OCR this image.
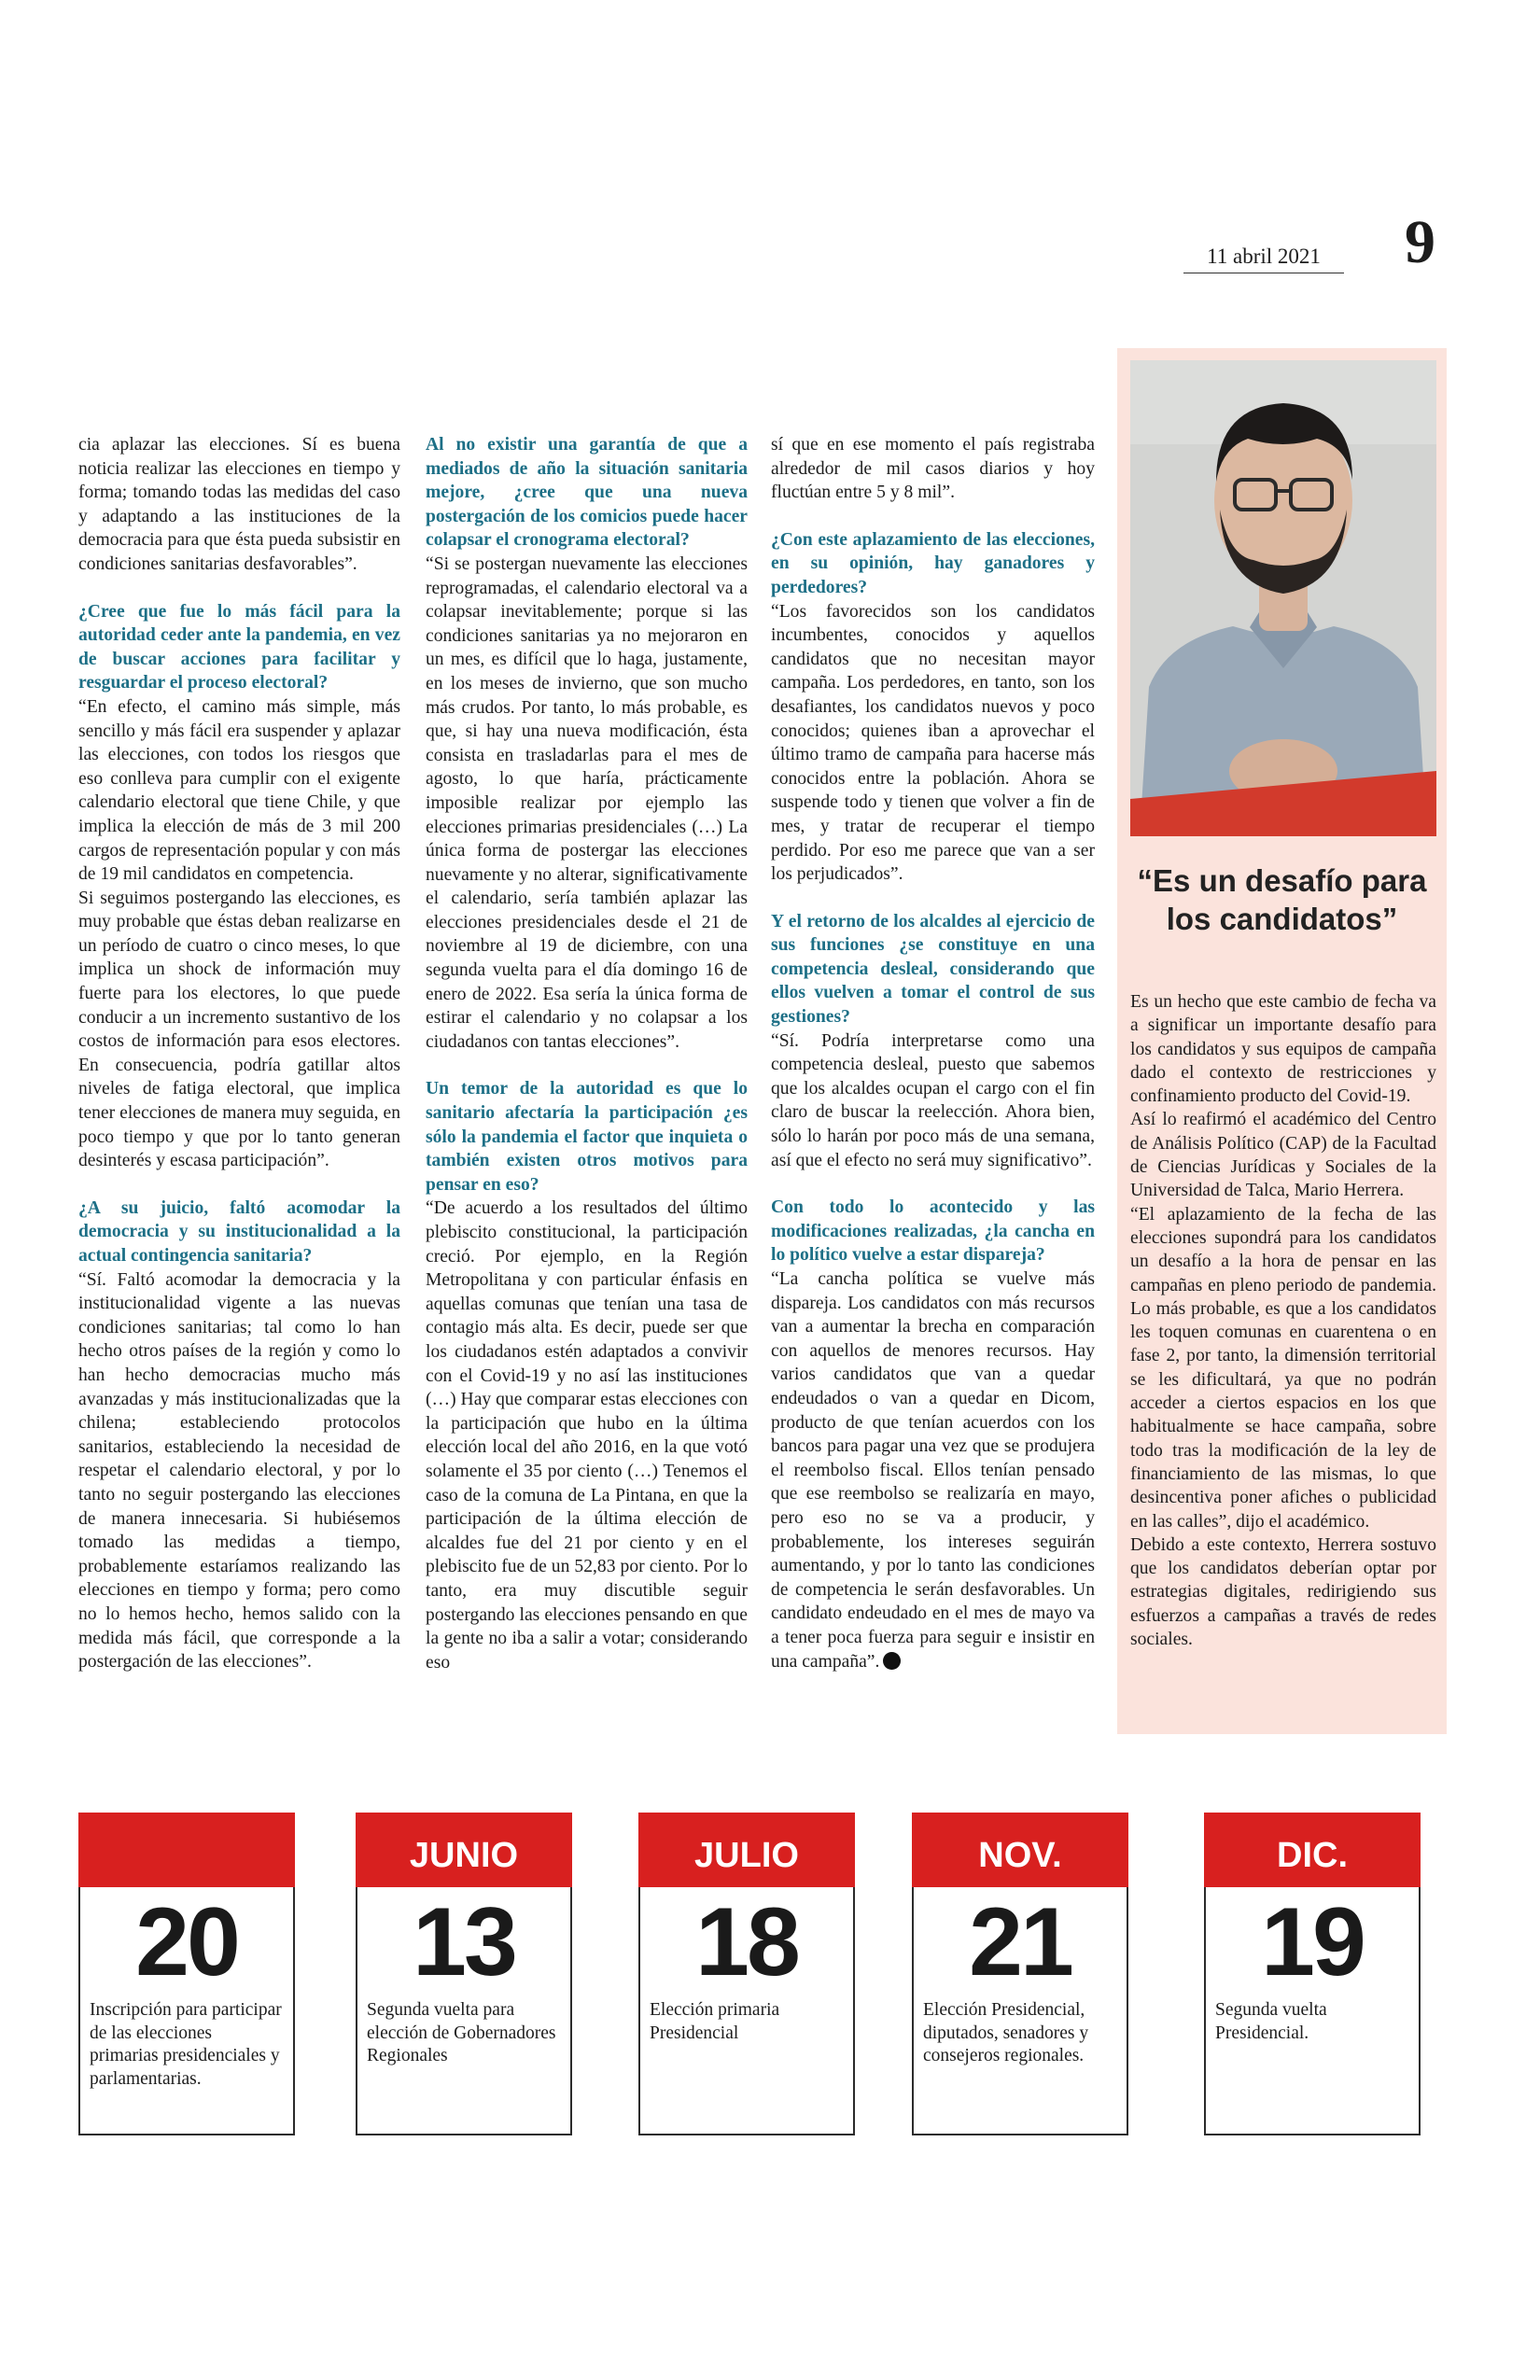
11 abril 2021	9

cia aplazar las elecciones. Sí es buena noticia realizar las elecciones en tiempo y forma; tomando todas las medidas del caso y adaptando a las instituciones de la democracia para que ésta pueda subsistir en condiciones sanitarias desfavorables”.

¿Cree que fue lo más fácil para la autoridad ceder ante la pandemia, en vez de buscar acciones para facilitar y resguardar el proceso electoral?

“En efecto, el camino más simple, más sencillo y más fácil era suspender y aplazar las elecciones, con todos los riesgos que eso conlleva para cumplir con el exigente calendario electoral que tiene Chile, y que implica la elección de más de 3 mil 200 cargos de representación popular y con más de 19 mil candidatos en competencia.

Si seguimos postergando las elecciones, es muy probable que éstas deban realizarse en un período de cuatro o cinco meses, lo que implica un shock de información muy fuerte para los electores, lo que puede conducir a un incremento sustantivo de los costos de información para esos electores. En consecuencia, podría gatillar altos niveles de fatiga electoral, que implica tener elecciones de manera muy seguida, en poco tiempo y que por lo tanto generan desinterés y escasa participación”.

¿A su juicio, faltó acomodar la democracia y su institucionalidad a la actual contingencia sanitaria?

“Sí. Faltó acomodar la democracia y la institucionalidad vigente a las nuevas condiciones sanitarias; tal como lo han hecho otros países de la región y como lo han hecho democracias mucho más avanzadas y más institucionalizadas que la chilena; estableciendo protocolos sanitarios, estableciendo la necesidad de respetar el calendario electoral, y por lo tanto no seguir postergando las elecciones de manera innecesaria. Si hubiésemos tomado las medidas a tiempo, probablemente estaríamos realizando las elecciones en tiempo y forma; pero como no lo hemos hecho, hemos salido con la medida más fácil, que corresponde a la postergación de las elecciones”.

Al no existir una garantía de que a mediados de año la situación sanitaria mejore, ¿cree que una nueva postergación de los comicios puede hacer colapsar el cronograma electoral?

“Si se postergan nuevamente las elecciones reprogramadas, el calendario electoral va a colapsar inevitablemente; porque si las condiciones sanitarias ya no mejoraron en un mes, es difícil que lo haga, justamente, en los meses de invierno, que son mucho más crudos. Por tanto, lo más probable, es que, si hay una nueva modificación, ésta consista en trasladarlas para el mes de agosto, lo que haría, prácticamente imposible realizar por ejemplo las elecciones primarias presidenciales (…) La única forma de postergar las elecciones nuevamente y no alterar, significativamente el calendario, sería también aplazar las elecciones presidenciales desde el 21 de noviembre al 19 de diciembre, con una segunda vuelta para el día domingo 16 de enero de 2022. Esa sería la única forma de estirar el calendario y no colapsar a los ciudadanos con tantas elecciones”.

Un temor de la autoridad es que lo sanitario afectaría la participación ¿es sólo la pandemia el factor que inquieta o también existen otros motivos para pensar en eso?

“De acuerdo a los resultados del último plebiscito constitucional, la participación creció. Por ejemplo, en la Región Metropolitana y con particular énfasis en aquellas comunas que tenían una tasa de contagio más alta. Es decir, puede ser que los ciudadanos estén adaptados a convivir con el Covid-19 y no así las instituciones (…) Hay que comparar estas elecciones con la participación que hubo en la última elección local del año 2016, en la que votó solamente el 35 por ciento (…) Tenemos el caso de la comuna de La Pintana, en que la participación de la última elección de alcaldes fue del 21 por ciento y en el plebiscito fue de un 52,83 por ciento. Por lo tanto, era muy discutible seguir postergando las elecciones pensando en que la gente no iba a salir a votar; considerando eso

sí que en ese momento el país registraba alrededor de mil casos diarios y hoy fluctúan entre 5 y 8 mil”.

¿Con este aplazamiento de las elecciones, en su opinión, hay ganadores y perdedores?

“Los favorecidos son los candidatos incumbentes, conocidos y aquellos candidatos que no necesitan mayor campaña. Los perdedores, en tanto, son los desafiantes, los candidatos nuevos y poco conocidos; quienes iban a aprovechar el último tramo de campaña para hacerse más conocidos entre la población. Ahora se suspende todo y tienen que volver a fin de mes, y tratar de recuperar el tiempo perdido. Por eso me parece que van a ser los perjudicados”.

Y el retorno de los alcaldes al ejercicio de sus funciones ¿se constituye en una competencia desleal, considerando que ellos vuelven a tomar el control de sus gestiones?

“Sí. Podría interpretarse como una competencia desleal, puesto que sabemos que los alcaldes ocupan el cargo con el fin claro de buscar la reelección. Ahora bien, sólo lo harán por poco más de una semana, así que el efecto no será muy significativo”.

Con todo lo acontecido y las modificaciones realizadas, ¿la cancha en lo político vuelve a estar dispareja?

“La cancha política se vuelve más dispareja. Los candidatos con más recursos van a aumentar la brecha en comparación con aquellos de menores recursos. Hay varios candidatos que van a quedar endeudados o van a quedar en Dicom, producto de que tenían acuerdos con los bancos para pagar una vez que se produjera el reembolso fiscal. Ellos tenían pensado que ese reembolso se realizaría en mayo, pero eso no se va a producir, y probablemente, los intereses seguirán aumentando, y por lo tanto las condiciones de competencia le serán desfavorables. Un candidato endeudado en el mes de mayo va a tener poca fuerza para seguir e insistir en una campaña”.

“Es un desafío para los candidatos”

Es un hecho que este cambio de fecha va a significar un importante desafío para los candidatos y sus equipos de campaña dado el contexto de restricciones y confinamiento producto del Covid-19.

Así lo reafirmó el académico del Centro de Análisis Político (CAP) de la Facultad de Ciencias Jurídicas y Sociales de la Universidad de Talca, Mario Herrera.

“El aplazamiento de la fecha de las elecciones supondrá para los candidatos un desafío a la hora de pensar en las campañas en pleno periodo de pandemia. Lo más probable, es que a los candidatos les toquen comunas en cuarentena o en fase 2, por tanto, la dimensión territorial se les dificultará, ya que no podrán acceder a ciertos espacios en los que habitualmente se hace campaña, sobre todo tras la modificación de la ley de financiamiento de las mismas, lo que desincentiva poner afiches o publicidad en las calles”, dijo el académico.

Debido a este contexto, Herrera sostuvo que los candidatos deberían optar por estrategias digitales, redirigiendo sus esfuerzos a campañas a través de redes sociales.

20
Inscripción para participar de las elecciones primarias presidenciales y parlamentarias.
JUNIO
13
Segunda vuelta para elección de Gobernadores Regionales
JULIO
18
Elección primaria Presidencial
NOV.
21
Elección Presidencial, diputados, senadores y consejeros regionales.
DIC.
19
Segunda vuelta Presidencial.
